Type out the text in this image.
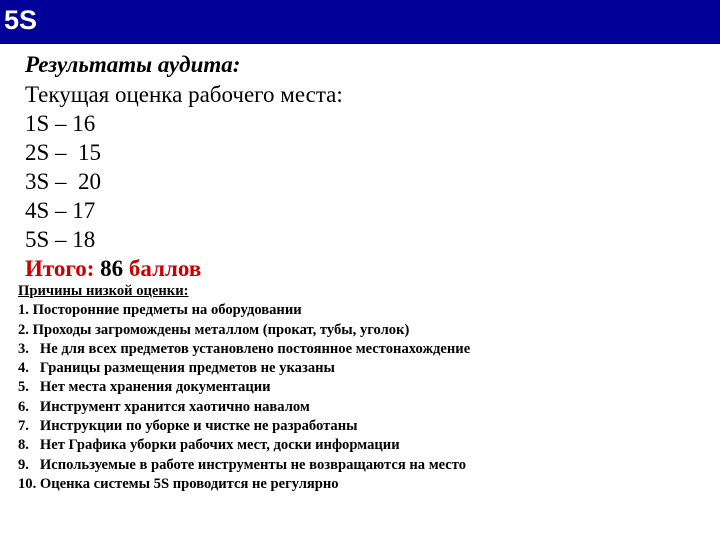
5S
Результаты аудита:
Текущая оценка рабочего места:
1S – 16
2S –  15
3S –  20
4S – 17
5S – 18
Итого: 86 баллов
Причины низкой оценки:
1. Посторонние предметы на оборудовании
2. Проходы загромождены металлом (прокат, тубы, уголок)
3. Не для всех предметов установлено постоянное местонахождение
4. Границы размещения предметов не указаны
5. Нет места хранения документации
6. Инструмент хранится хаотично навалом
7. Инструкции по уборке и чистке не разработаны
8. Нет Графика уборки рабочих мест, доски информации
9. Используемые в работе инструменты не возвращаются на место
10. Оценка системы 5S проводится не регулярно
